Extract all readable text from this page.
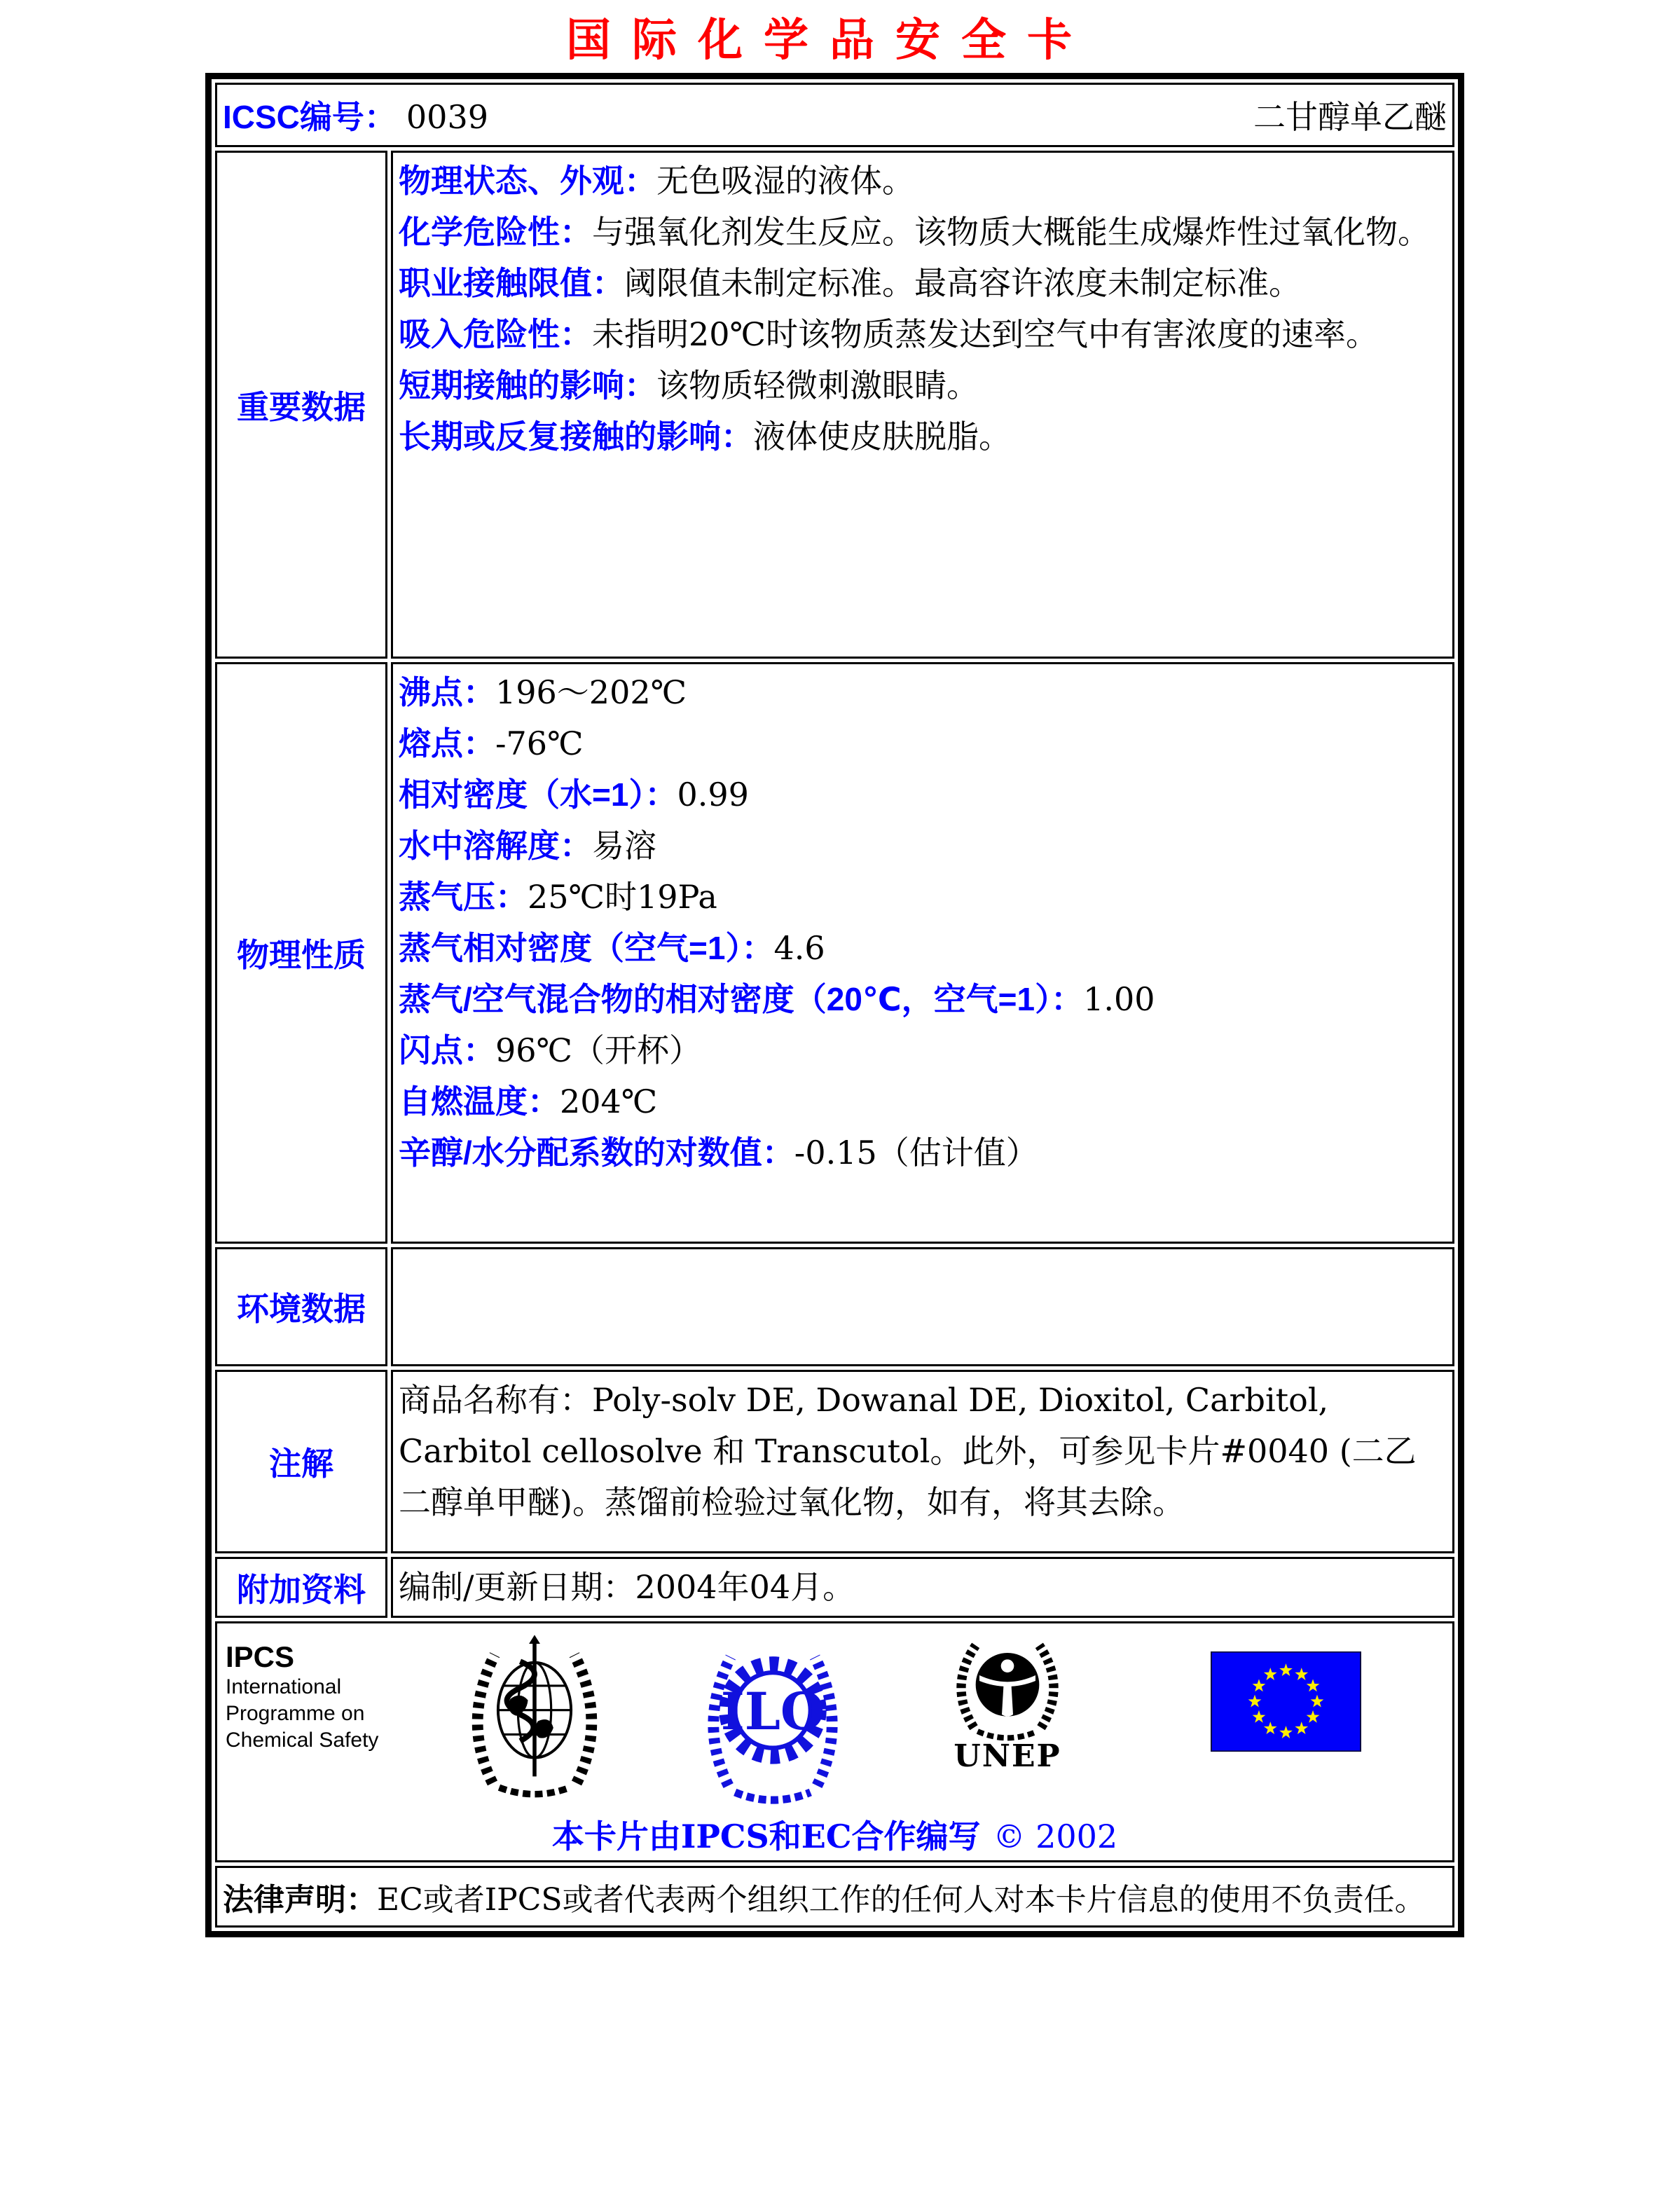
国际化学品安全卡
ICSC编号： 0039 二甘醇单乙醚	

重要数据	
物理状态、外观：无色吸湿的液体。
化学危险性：与强氧化剂发生反应。该物质大概能生成爆炸性过氧化物。
职业接触限值：阈限值未制定标准。最高容许浓度未制定标准。
吸入危险性：未指明20℃时该物质蒸发达到空气中有害浓度的速率。
短期接触的影响：该物质轻微刺激眼睛。
长期或反复接触的影响：液体使皮肤脱脂。

物理性质	
沸点：196～202℃
熔点：-76℃
相对密度（水=1）：0.99
水中溶解度：易溶
蒸气压：25℃时19Pa
蒸气相对密度（空气=1）：4.6
蒸气/空气混合物的相对密度（20℃，空气=1）：1.00
闪点：96℃（开杯）
自燃温度：204℃
辛醇/水分配系数的对数值：-0.15（估计值）

环境数据	
注解	商品名称有：Poly-solv DE, Dowanal DE, Dioxitol, Carbitol, Carbitol cellosolve 和 Transcutol。此外，可参见卡片#0040 (二乙二醇单甲醚)。蒸馏前检验过氧化物，如有，将其去除。
附加资料	编制/更新日期：2004年04月。

IPCS
International
Programme on
Chemical Safety	ILO
UNEP
本卡片由IPCS和EC合作编写 © 2002

法律声明：EC或者IPCS或者代表两个组织工作的任何人对本卡片信息的使用不负责任。	
